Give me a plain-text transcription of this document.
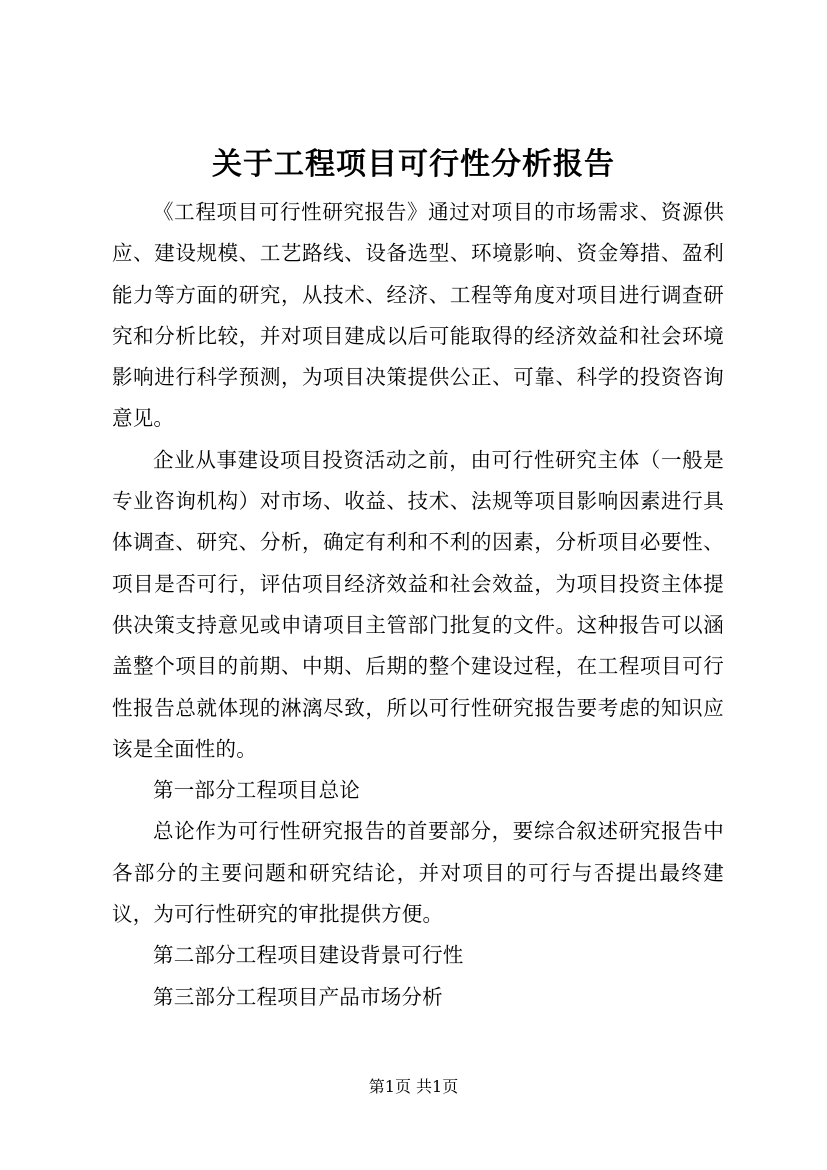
关于工程项目可行性分析报告

《工程项目可行性研究报告》通过对项目的市场需求、资源供应、建设规模、工艺路线、设备选型、环境影响、资金筹措、盈利能力等方面的研究，从技术、经济、工程等角度对项目进行调查研究和分析比较，并对项目建成以后可能取得的经济效益和社会环境影响进行科学预测，为项目决策提供公正、可靠、科学的投资咨询意见。

企业从事建设项目投资活动之前，由可行性研究主体（一般是专业咨询机构）对市场、收益、技术、法规等项目影响因素进行具体调查、研究、分析，确定有利和不利的因素，分析项目必要性、项目是否可行，评估项目经济效益和社会效益，为项目投资主体提供决策支持意见或申请项目主管部门批复的文件。这种报告可以涵盖整个项目的前期、中期、后期的整个建设过程，在工程项目可行性报告总就体现的淋漓尽致，所以可行性研究报告要考虑的知识应该是全面性的。

第一部分工程项目总论

总论作为可行性研究报告的首要部分，要综合叙述研究报告中各部分的主要问题和研究结论，并对项目的可行与否提出最终建议，为可行性研究的审批提供方便。

第二部分工程项目建设背景可行性

第三部分工程项目产品市场分析

第1页 共1页
